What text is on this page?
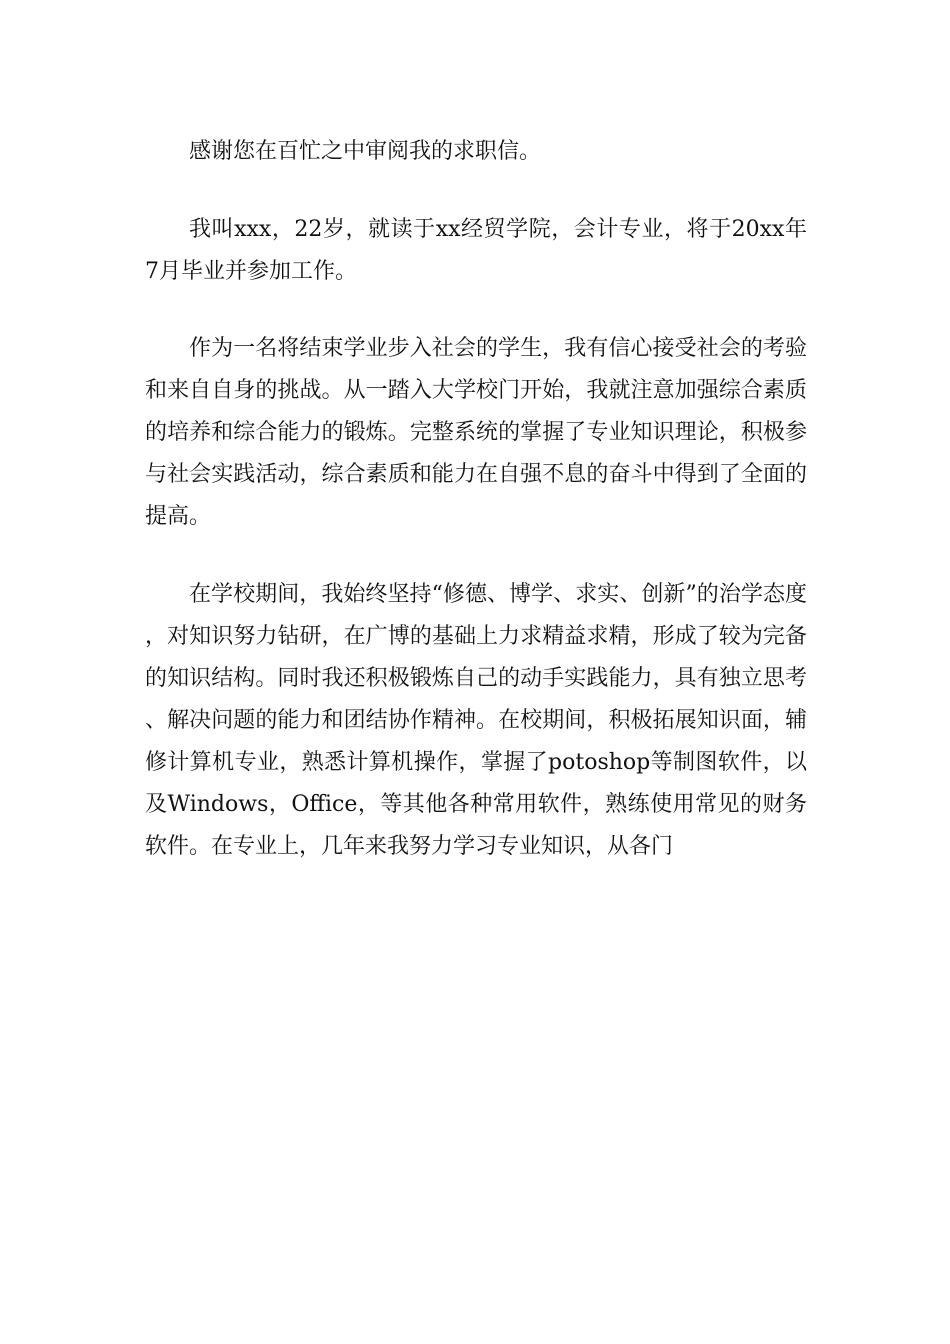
感谢您在百忙之中审阅我的求职信。

我叫xxx，22岁，就读于xx经贸学院，会计专业，将于20xx年7月毕业并参加工作。

作为一名将结束学业步入社会的学生，我有信心接受社会的考验和来自自身的挑战。从一踏入大学校门开始，我就注意加强综合素质的培养和综合能力的锻炼。完整系统的掌握了专业知识理论，积极参与社会实践活动，综合素质和能力在自强不息的奋斗中得到了全面的提高。

在学校期间，我始终坚持“修德、博学、求实、创新”的治学态度，对知识努力钻研，在广博的基础上力求精益求精，形成了较为完备的知识结构。同时我还积极锻炼自己的动手实践能力，具有独立思考、解决问题的能力和团结协作精神。在校期间，积极拓展知识面，辅修计算机专业，熟悉计算机操作，掌握了potoshop等制图软件，以及Windows，Office，等其他各种常用软件，熟练使用常见的财务软件。在专业上，几年来我努力学习专业知识，从各门
